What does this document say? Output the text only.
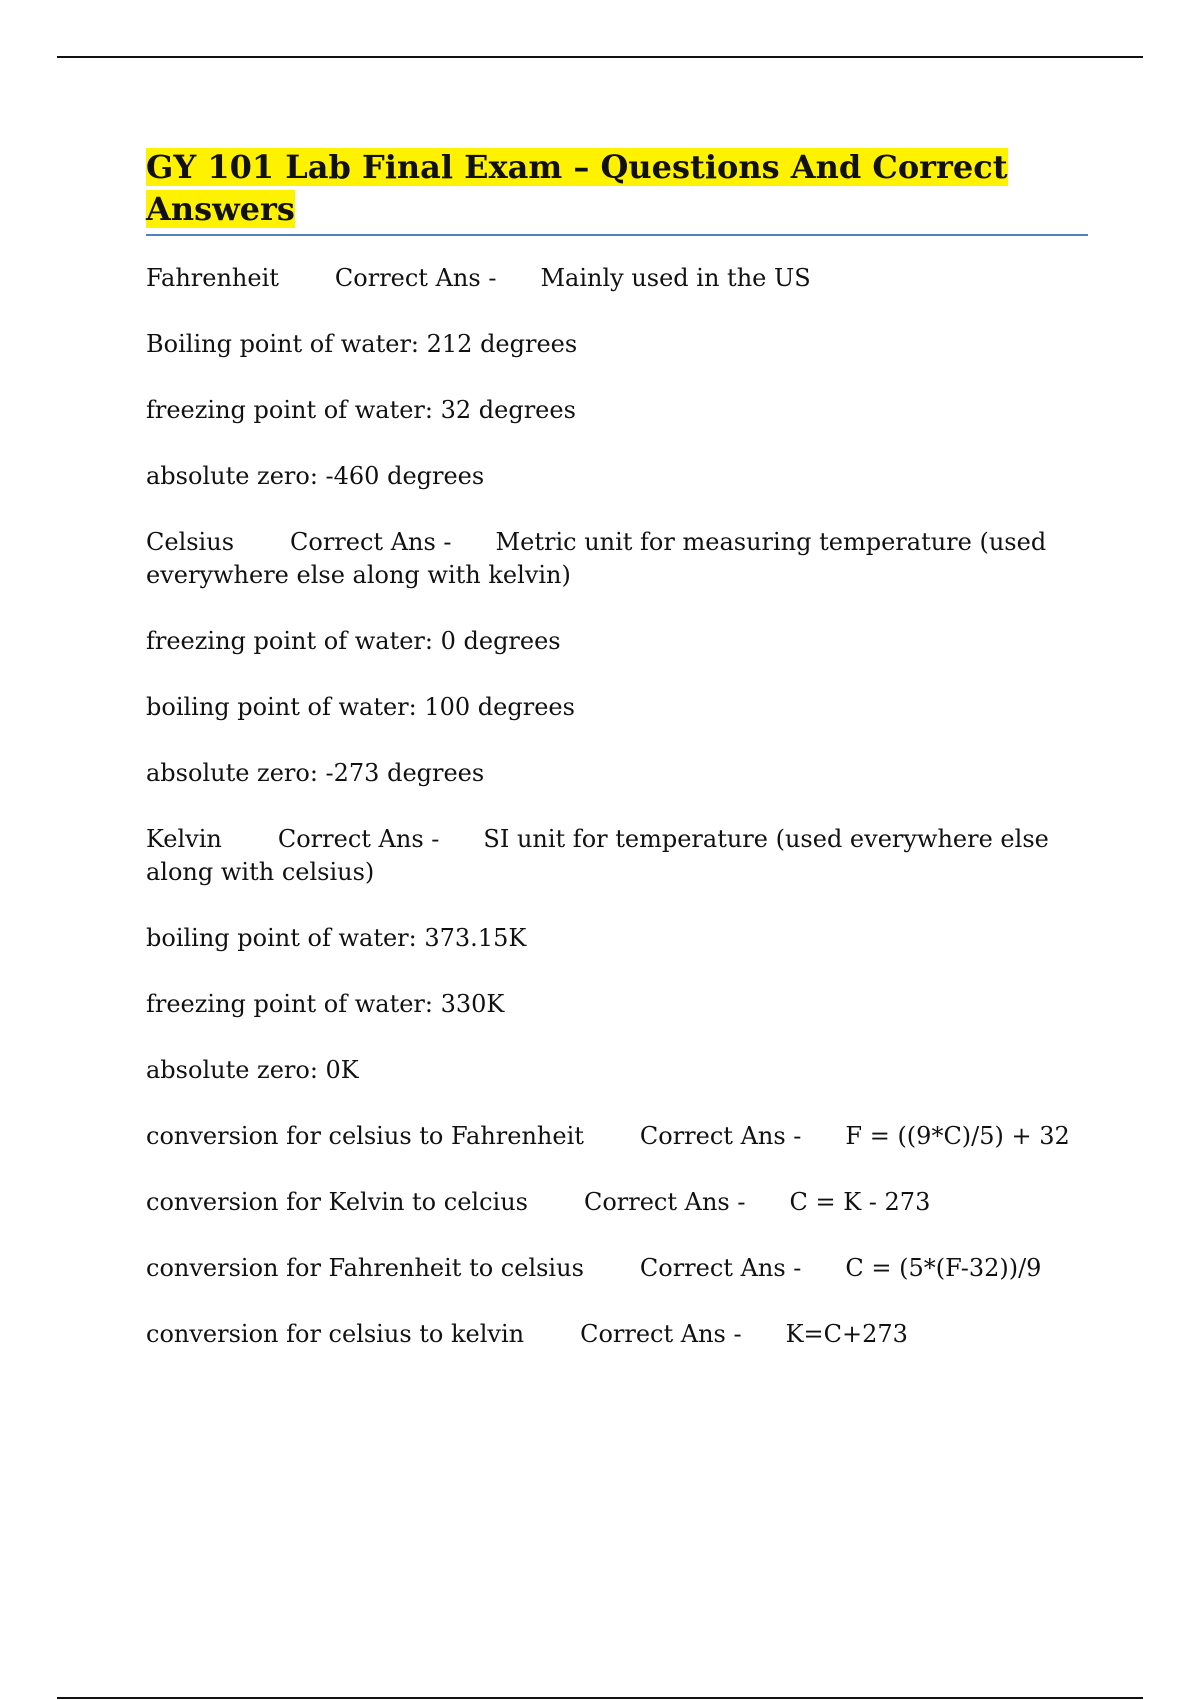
GY 101 Lab Final Exam – Questions And Correct Answers

Fahrenheit Correct Ans - Mainly used in the US

Boiling point of water: 212 degrees

freezing point of water: 32 degrees

absolute zero: -460 degrees

Celsius Correct Ans - Metric unit for measuring temperature (used everywhere else along with kelvin)

freezing point of water: 0 degrees

boiling point of water: 100 degrees

absolute zero: -273 degrees

Kelvin Correct Ans - SI unit for temperature (used everywhere else along with celsius)

boiling point of water: 373.15K

freezing point of water: 330K

absolute zero: 0K

conversion for celsius to Fahrenheit Correct Ans - F = ((9*C)/5) + 32

conversion for Kelvin to celcius Correct Ans - C = K - 273

conversion for Fahrenheit to celsius Correct Ans - C = (5*(F-32))/9

conversion for celsius to kelvin Correct Ans - K=C+273
